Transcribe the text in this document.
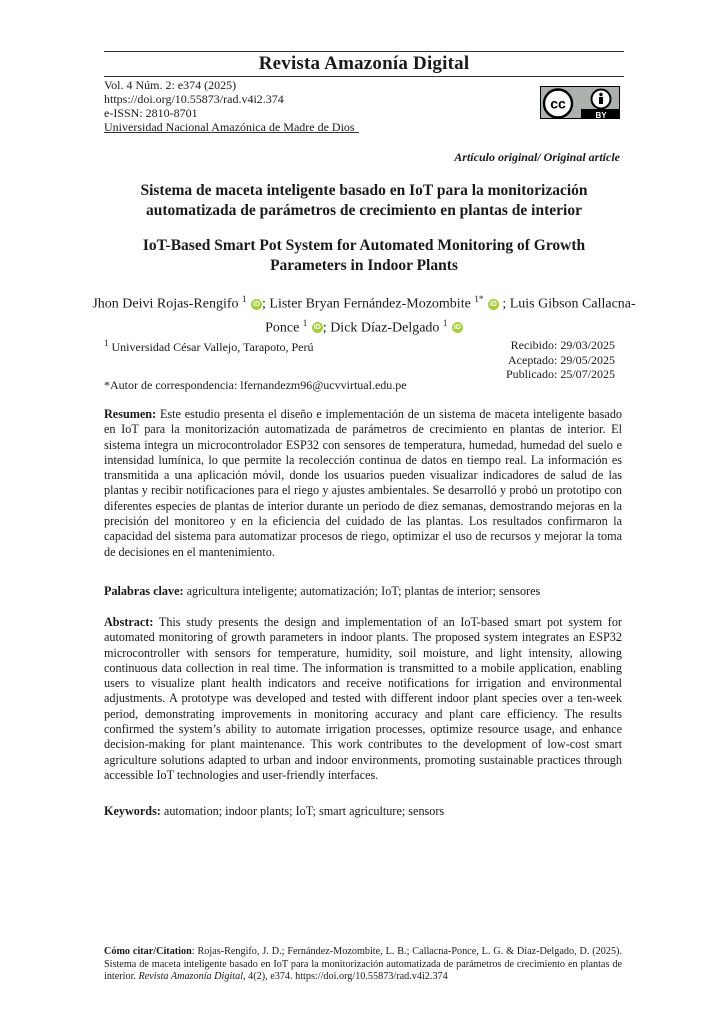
Revista Amazonía Digital
Vol. 4 Núm. 2: e374 (2025)
https://doi.org/10.55873/rad.v4i2.374
e-ISSN: 2810-8701
Universidad Nacional Amazónica de Madre de Dios
cc
BY
Artículo original/ Original article
Sistema de maceta inteligente basado en IoT para la monitorización automatizada de parámetros de crecimiento en plantas de interior
IoT-Based Smart Pot System for Automated Monitoring of Growth Parameters in Indoor Plants
Jhon Deivi Rojas-Rengifo $^1$ iD ; Lister Bryan Fernández-Mozombite $^{1*}$ iD ; Luis Gibson Callacna-Ponce $^1$ iD ; Dick Díaz-Delgado $^1$ iD
$^1$ Universidad César Vallejo, Tarapoto, Perú	Recibido: 29/03/2025
Aceptado: 29/05/2025
Publicado: 25/07/2025
*Autor de correspondencia: lfernandezm96@ucvvirtual.edu.pe
Resumen: Este estudio presenta el diseño e implementación de un sistema de maceta inteligente basado en IoT para la monitorización automatizada de parámetros de crecimiento en plantas de interior. El sistema integra un microcontrolador ESP32 con sensores de temperatura, humedad, humedad del suelo e intensidad lumínica, lo que permite la recolección continua de datos en tiempo real. La información es transmitida a una aplicación móvil, donde los usuarios pueden visualizar indicadores de salud de las plantas y recibir notificaciones para el riego y ajustes ambientales. Se desarrolló y probó un prototipo con diferentes especies de plantas de interior durante un periodo de diez semanas, demostrando mejoras en la precisión del monitoreo y en la eficiencia del cuidado de las plantas. Los resultados confirmaron la capacidad del sistema para automatizar procesos de riego, optimizar el uso de recursos y mejorar la toma de decisiones en el mantenimiento.
Palabras clave: agricultura inteligente; automatización; IoT; plantas de interior; sensores
Abstract: This study presents the design and implementation of an IoT-based smart pot system for automated monitoring of growth parameters in indoor plants. The proposed system integrates an ESP32 microcontroller with sensors for temperature, humidity, soil moisture, and light intensity, allowing continuous data collection in real time. The information is transmitted to a mobile application, enabling users to visualize plant health indicators and receive notifications for irrigation and environmental adjustments. A prototype was developed and tested with different indoor plant species over a ten-week period, demonstrating improvements in monitoring accuracy and plant care efficiency. The results confirmed the system’s ability to automate irrigation processes, optimize resource usage, and enhance decision-making for plant maintenance. This work contributes to the development of low-cost smart agriculture solutions adapted to urban and indoor environments, promoting sustainable practices through accessible IoT technologies and user-friendly interfaces.
Keywords: automation; indoor plants; IoT; smart agriculture; sensors
Cómo citar/Citation: Rojas-Rengifo, J. D.; Fernández-Mozombite, L. B.; Callacna-Ponce, L. G. & Díaz-Delgado, D. (2025). Sistema de maceta inteligente basado en IoT para la monitorización automatizada de parámetros de crecimiento en plantas de interior. Revista Amazonía Digital, 4(2), e374. https://doi.org/10.55873/rad.v4i2.374
